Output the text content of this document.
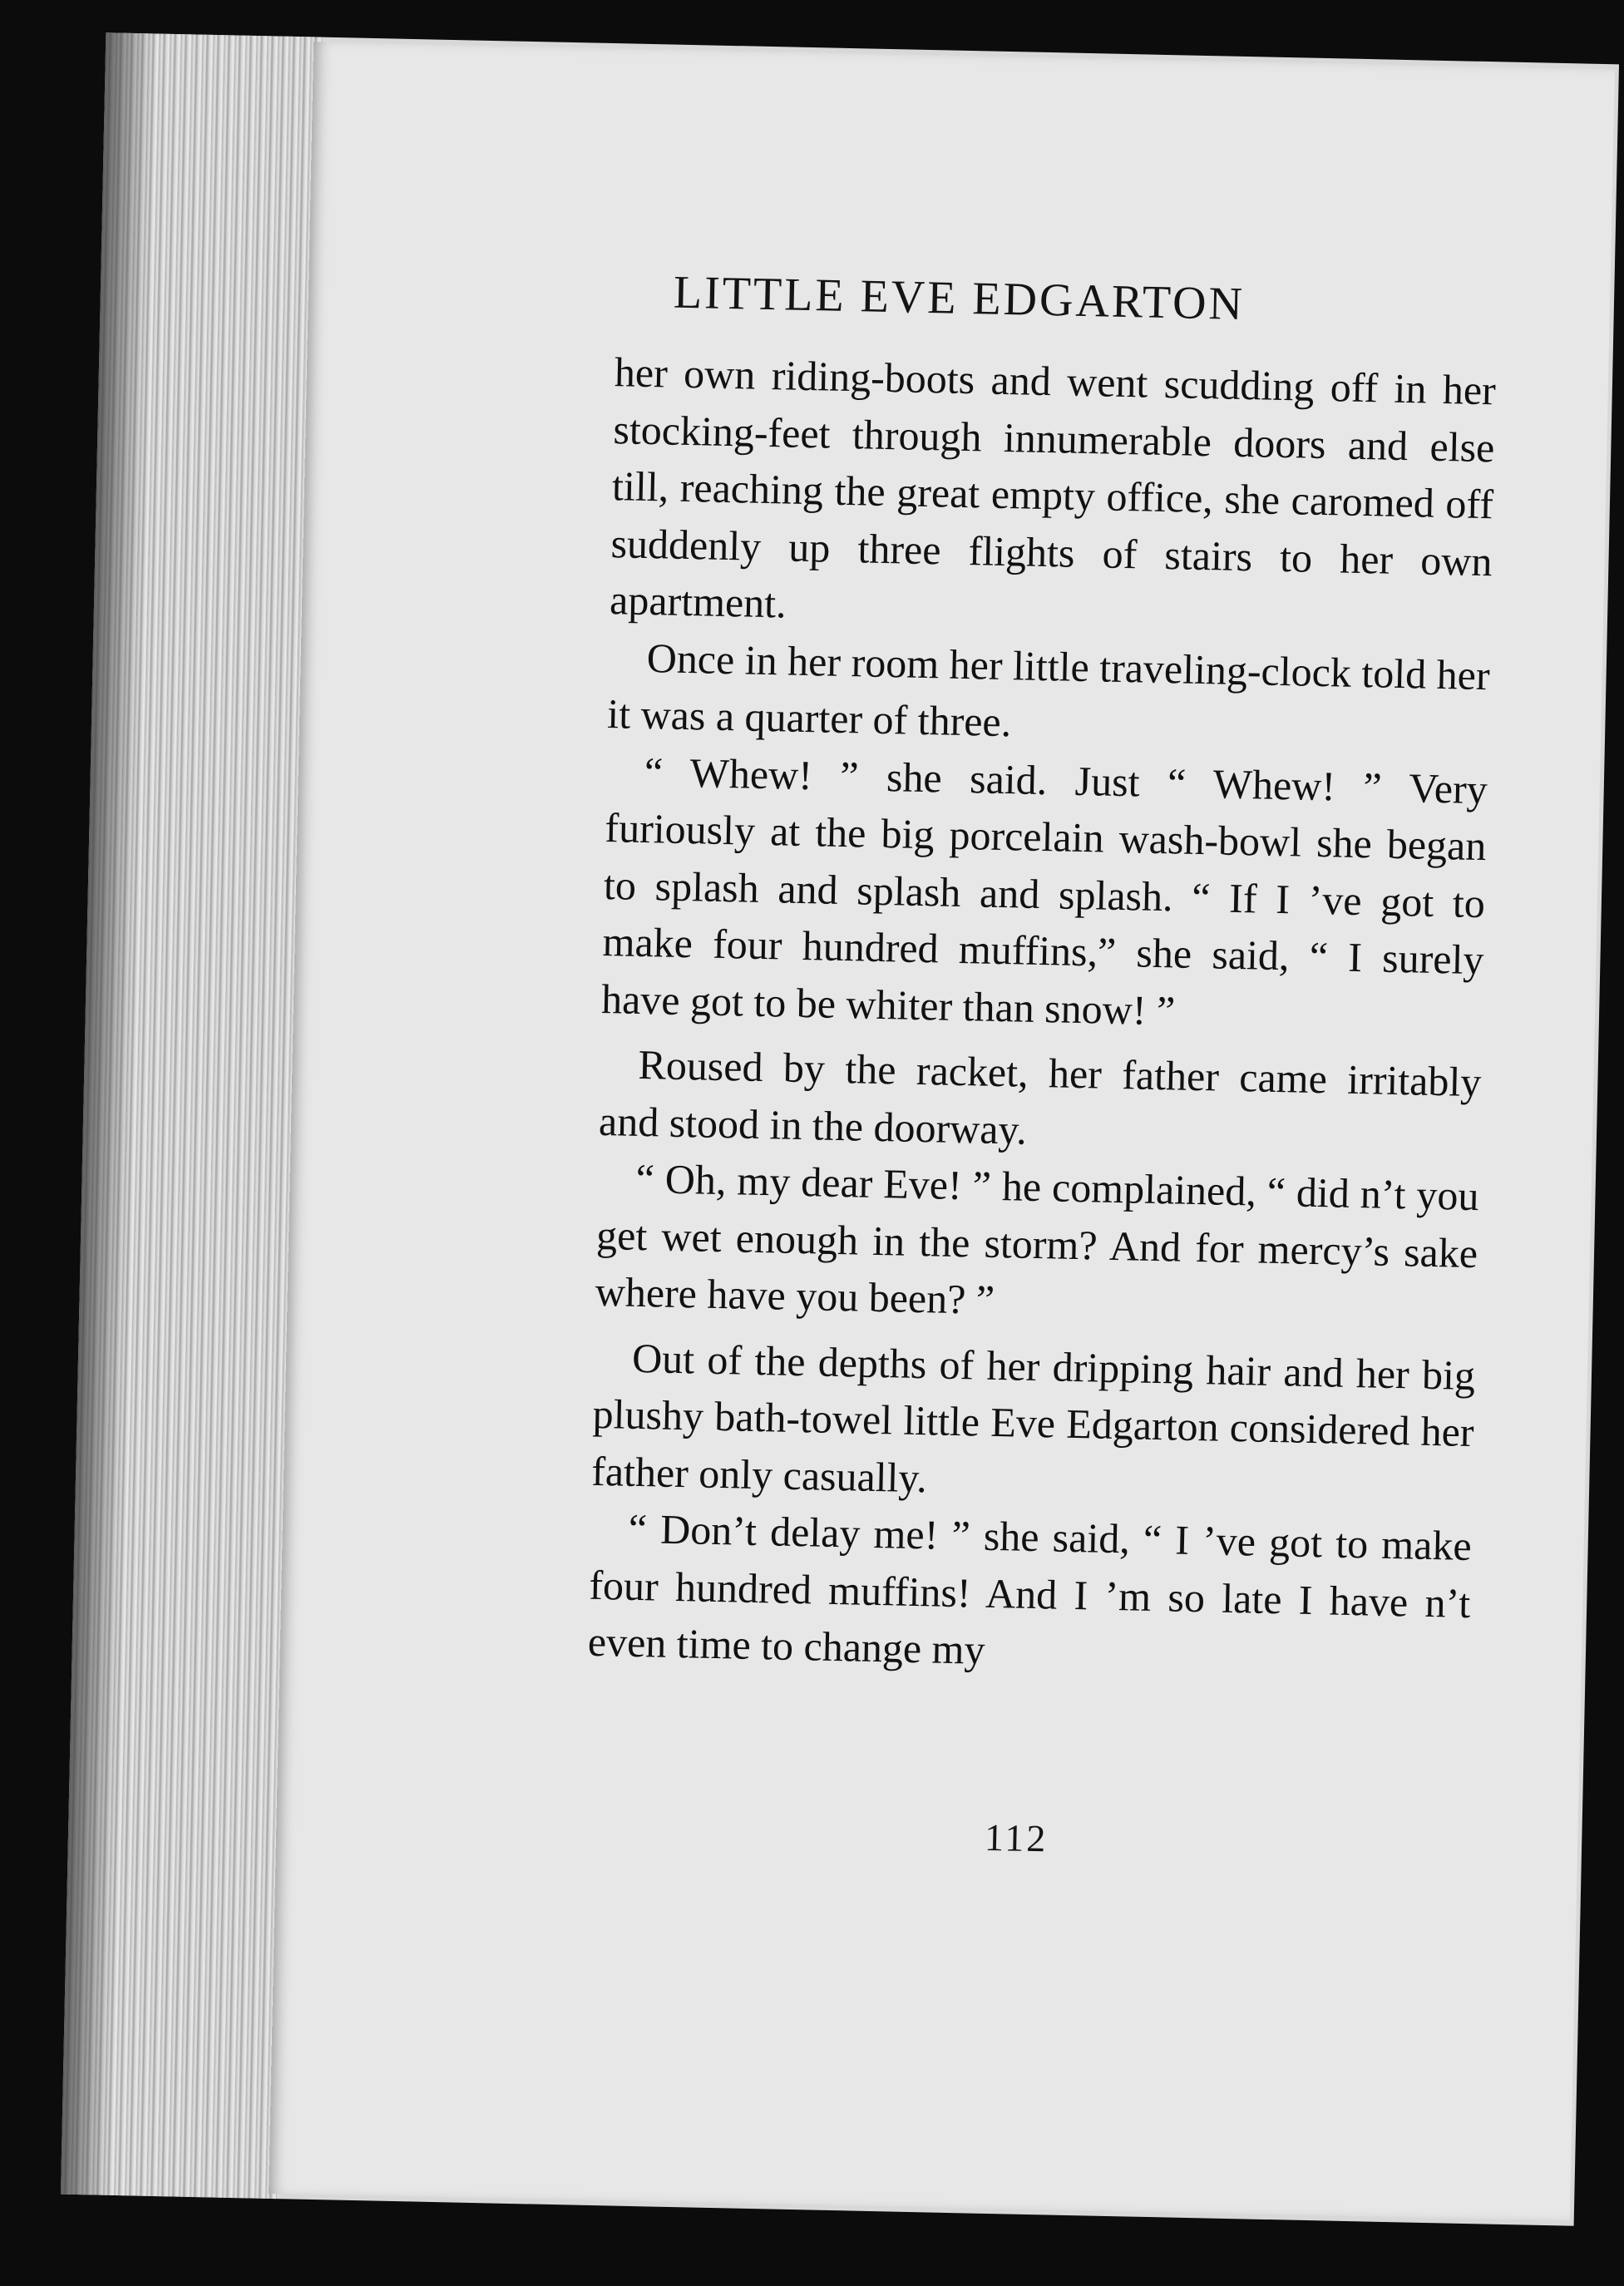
LITTLE EVE EDGARTON

her own riding-boots and went scudding off in her stocking-feet through innumerable doors and else till, reaching the great empty office, she caromed off suddenly up three flights of stairs to her own apartment.

Once in her room her little traveling-clock told her it was a quarter of three.

“ Whew! ” she said. Just “ Whew! ” Very furiously at the big porcelain wash-bowl she began to splash and splash and splash. “ If I ’ve got to make four hundred muffins,” she said, “ I surely have got to be whiter than snow! ”

Roused by the racket, her father came irritably and stood in the doorway.

“ Oh, my dear Eve! ” he complained, “ did n’t you get wet enough in the storm? And for mercy’s sake where have you been? ”

Out of the depths of her dripping hair and her big plushy bath-towel little Eve Edgarton considered her father only casually.

“ Don’t delay me! ” she said, “ I ’ve got to make four hundred muffins! And I ’m so late I have n’t even time to change my

112
